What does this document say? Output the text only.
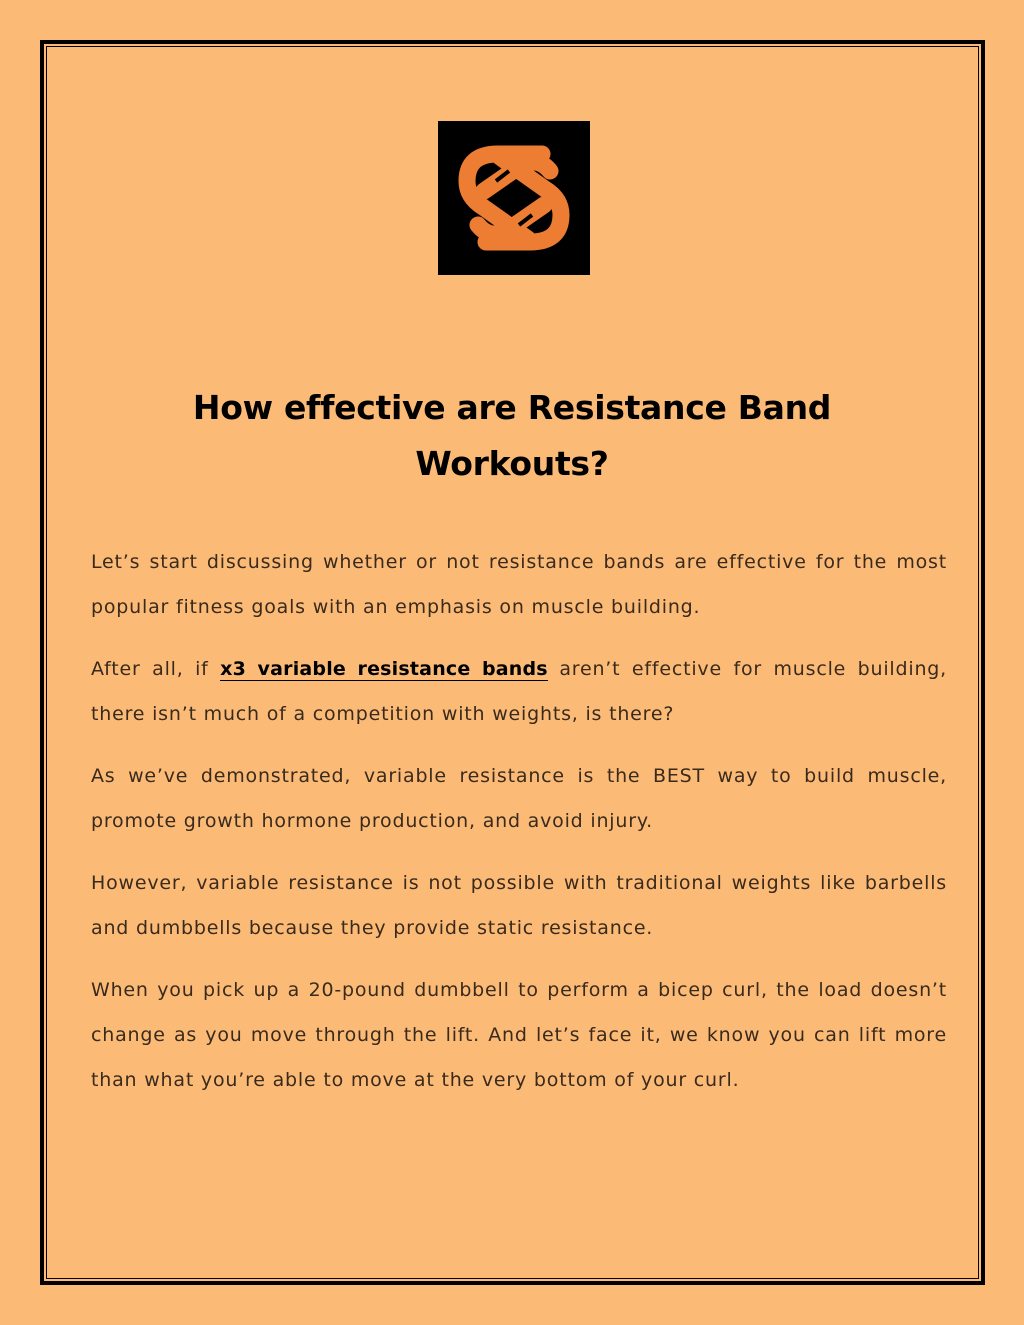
How effective are Resistance Band Workouts?

Let’s start discussing whether or not resistance bands are effective for the most popular fitness goals with an emphasis on muscle building.

After all, if x3 variable resistance bands aren’t effective for muscle building, there isn’t much of a competition with weights, is there?

As we’ve demonstrated, variable resistance is the BEST way to build muscle, promote growth hormone production, and avoid injury.

However, variable resistance is not possible with traditional weights like barbells and dumbbells because they provide static resistance.

When you pick up a 20-pound dumbbell to perform a bicep curl, the load doesn’t change as you move through the lift. And let’s face it, we know you can lift more than what you’re able to move at the very bottom of your curl.
